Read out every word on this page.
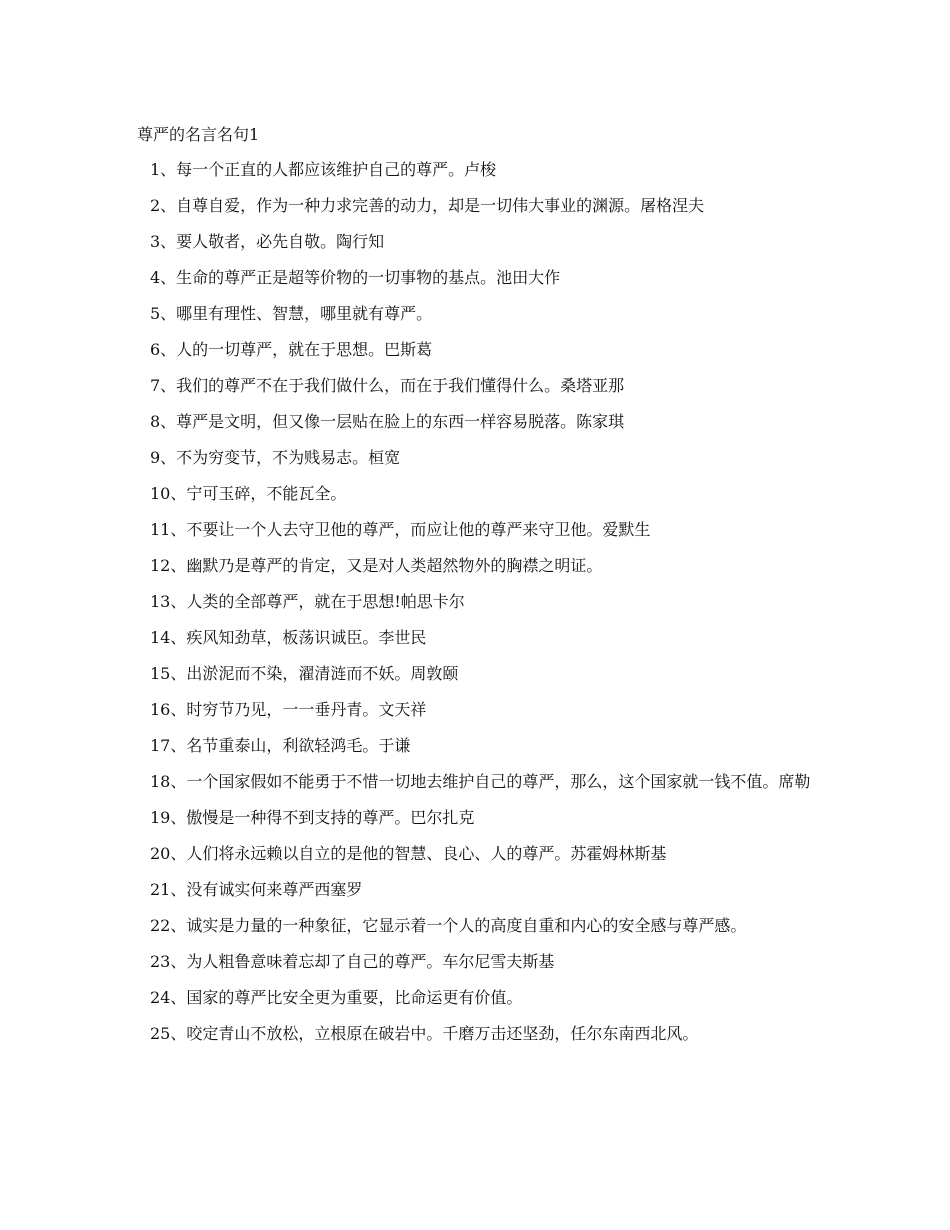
尊严的名言名句1
1、每一个正直的人都应该维护自己的尊严。卢梭
2、自尊自爱，作为一种力求完善的动力，却是一切伟大事业的渊源。屠格涅夫
3、要人敬者，必先自敬。陶行知
4、生命的尊严正是超等价物的一切事物的基点。池田大作
5、哪里有理性、智慧，哪里就有尊严。
6、人的一切尊严，就在于思想。巴斯葛
7、我们的尊严不在于我们做什么，而在于我们懂得什么。桑塔亚那
8、尊严是文明，但又像一层贴在脸上的东西一样容易脱落。陈家琪
9、不为穷变节，不为贱易志。桓宽
10、宁可玉碎，不能瓦全。
11、不要让一个人去守卫他的尊严，而应让他的尊严来守卫他。爱默生
12、幽默乃是尊严的肯定，又是对人类超然物外的胸襟之明证。
13、人类的全部尊严，就在于思想!帕思卡尔
14、疾风知劲草，板荡识诚臣。李世民
15、出淤泥而不染，濯清涟而不妖。周敦颐
16、时穷节乃见，一一垂丹青。文天祥
17、名节重泰山，利欲轻鸿毛。于谦
18、一个国家假如不能勇于不惜一切地去维护自己的尊严，那么，这个国家就一钱不值。席勒
19、傲慢是一种得不到支持的尊严。巴尔扎克
20、人们将永远赖以自立的是他的智慧、良心、人的尊严。苏霍姆林斯基
21、没有诚实何来尊严西塞罗
22、诚实是力量的一种象征，它显示着一个人的高度自重和内心的安全感与尊严感。
23、为人粗鲁意味着忘却了自己的尊严。车尔尼雪夫斯基
24、国家的尊严比安全更为重要，比命运更有价值。
25、咬定青山不放松，立根原在破岩中。千磨万击还坚劲，任尔东南西北风。
